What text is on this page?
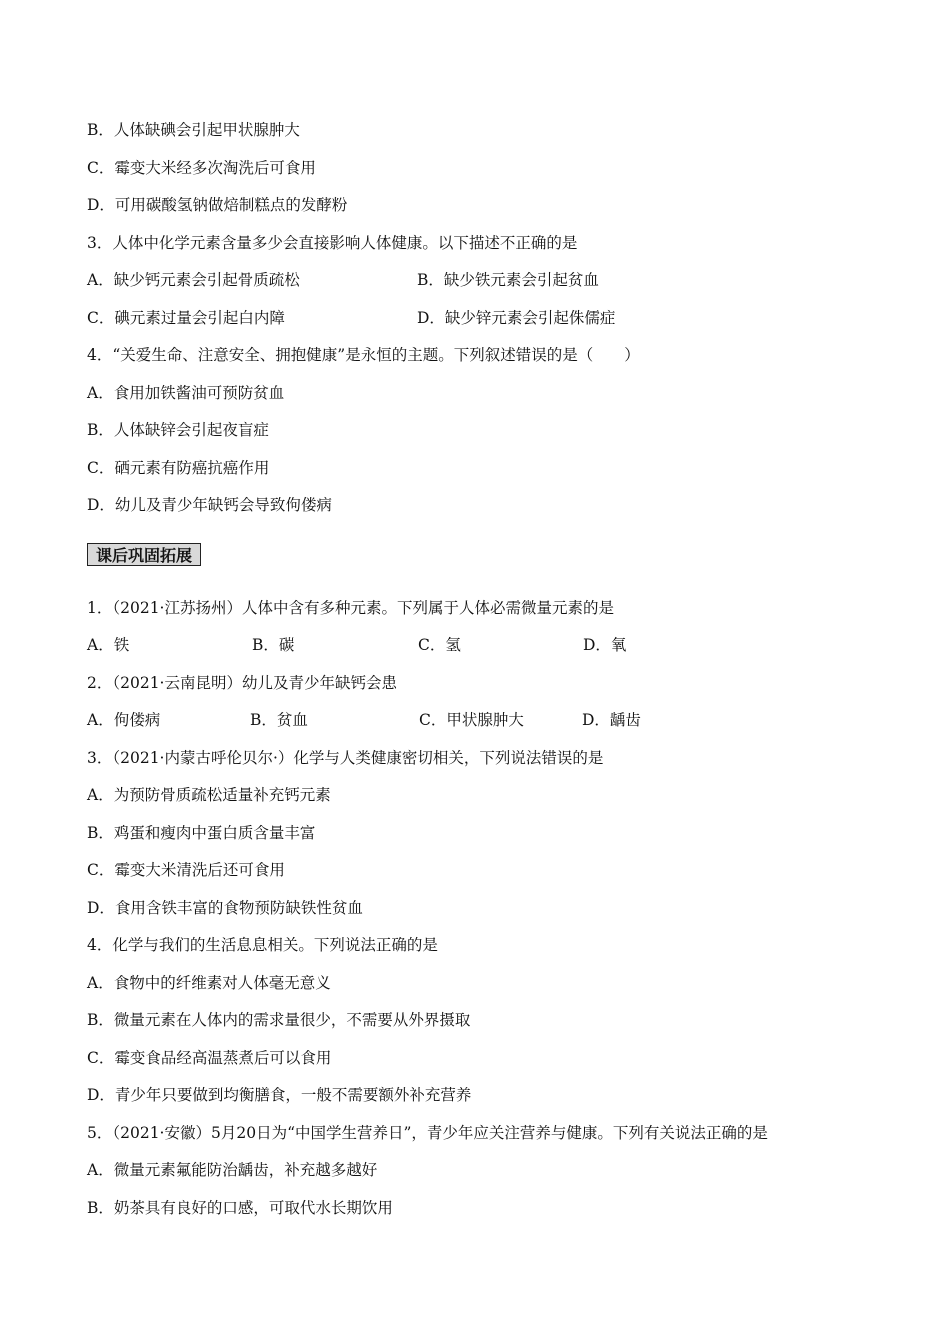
B．人体缺碘会引起甲状腺肿大
C．霉变大米经多次淘洗后可食用
D．可用碳酸氢钠做焙制糕点的发酵粉
3．人体中化学元素含量多少会直接影响人体健康。以下描述不正确的是
A．缺少钙元素会引起骨质疏松	B．缺少铁元素会引起贫血
C．碘元素过量会引起白内障	D．缺少锌元素会引起侏儒症
4．“关爱生命、注意安全、拥抱健康”是永恒的主题。下列叙述错误的是（　　）
A．食用加铁酱油可预防贫血
B．人体缺锌会引起夜盲症
C．硒元素有防癌抗癌作用
D．幼儿及青少年缺钙会导致佝偻病
课后巩固拓展
1．（2021·江苏扬州）人体中含有多种元素。下列属于人体必需微量元素的是
A．铁	B．碳	C．氢	D．氧
2．（2021·云南昆明）幼儿及青少年缺钙会患
A．佝偻病	B．贫血	C．甲状腺肿大	D．龋齿
3．（2021·内蒙古呼伦贝尔·）化学与人类健康密切相关，下列说法错误的是
A．为预防骨质疏松适量补充钙元素
B．鸡蛋和瘦肉中蛋白质含量丰富
C．霉变大米清洗后还可食用
D．食用含铁丰富的食物预防缺铁性贫血
4．化学与我们的生活息息相关。下列说法正确的是
A．食物中的纤维素对人体毫无意义
B．微量元素在人体内的需求量很少，不需要从外界摄取
C．霉变食品经高温蒸煮后可以食用
D．青少年只要做到均衡膳食，一般不需要额外补充营养
5．（2021·安徽）5月20日为“中国学生营养日”，青少年应关注营养与健康。下列有关说法正确的是
A．微量元素氟能防治龋齿，补充越多越好
B．奶茶具有良好的口感，可取代水长期饮用
